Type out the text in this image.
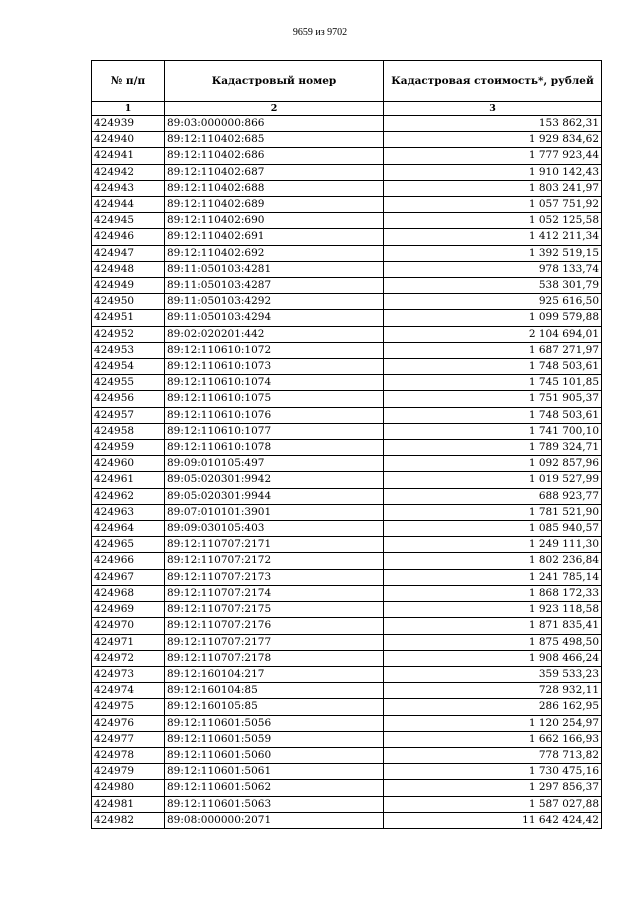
9659 из 9702
№ п/п	Кадастровый номер	Кадастровая стоимость*, рублей
1	2	3
424939	89:03:000000:866	153 862,31
424940	89:12:110402:685	1 929 834,62
424941	89:12:110402:686	1 777 923,44
424942	89:12:110402:687	1 910 142,43
424943	89:12:110402:688	1 803 241,97
424944	89:12:110402:689	1 057 751,92
424945	89:12:110402:690	1 052 125,58
424946	89:12:110402:691	1 412 211,34
424947	89:12:110402:692	1 392 519,15
424948	89:11:050103:4281	978 133,74
424949	89:11:050103:4287	538 301,79
424950	89:11:050103:4292	925 616,50
424951	89:11:050103:4294	1 099 579,88
424952	89:02:020201:442	2 104 694,01
424953	89:12:110610:1072	1 687 271,97
424954	89:12:110610:1073	1 748 503,61
424955	89:12:110610:1074	1 745 101,85
424956	89:12:110610:1075	1 751 905,37
424957	89:12:110610:1076	1 748 503,61
424958	89:12:110610:1077	1 741 700,10
424959	89:12:110610:1078	1 789 324,71
424960	89:09:010105:497	1 092 857,96
424961	89:05:020301:9942	1 019 527,99
424962	89:05:020301:9944	688 923,77
424963	89:07:010101:3901	1 781 521,90
424964	89:09:030105:403	1 085 940,57
424965	89:12:110707:2171	1 249 111,30
424966	89:12:110707:2172	1 802 236,84
424967	89:12:110707:2173	1 241 785,14
424968	89:12:110707:2174	1 868 172,33
424969	89:12:110707:2175	1 923 118,58
424970	89:12:110707:2176	1 871 835,41
424971	89:12:110707:2177	1 875 498,50
424972	89:12:110707:2178	1 908 466,24
424973	89:12:160104:217	359 533,23
424974	89:12:160104:85	728 932,11
424975	89:12:160105:85	286 162,95
424976	89:12:110601:5056	1 120 254,97
424977	89:12:110601:5059	1 662 166,93
424978	89:12:110601:5060	778 713,82
424979	89:12:110601:5061	1 730 475,16
424980	89:12:110601:5062	1 297 856,37
424981	89:12:110601:5063	1 587 027,88
424982	89:08:000000:2071	11 642 424,42
